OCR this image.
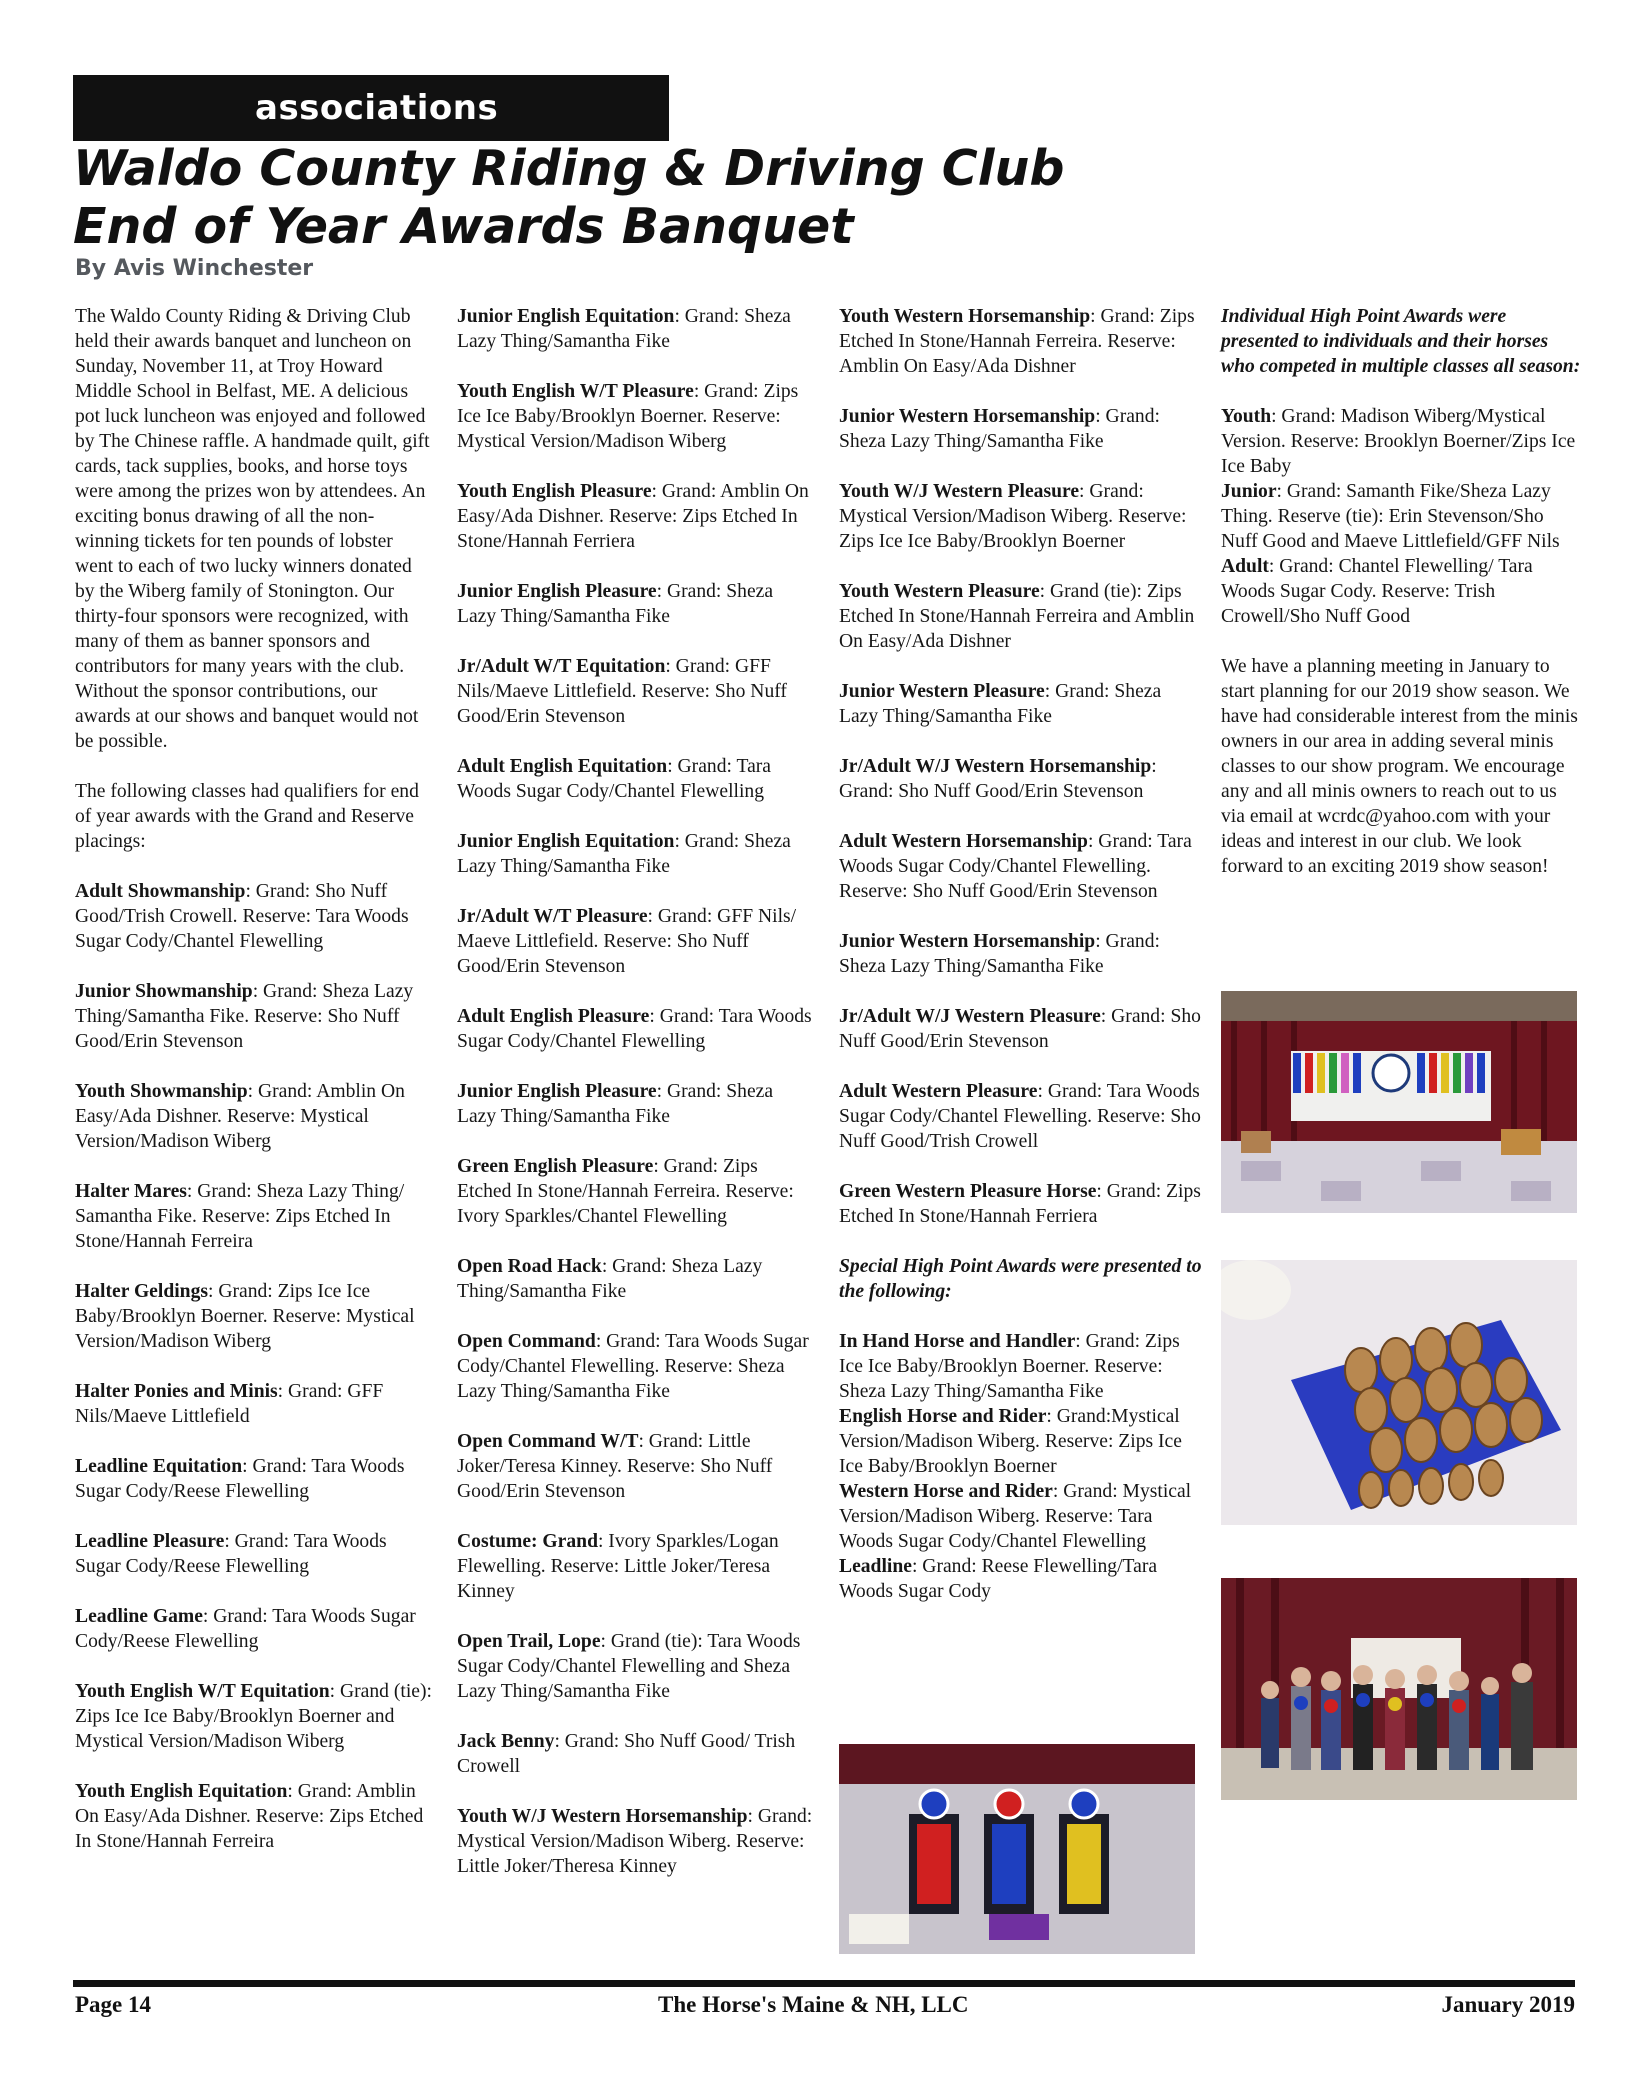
associations
Waldo County Riding & Driving Club
End of Year Awards Banquet
By Avis Winchester

The Waldo County Riding & Driving Club held their awards banquet and luncheon on Sunday, November 11, at Troy Howard Middle School in Belfast, ME. A delicious pot luck luncheon was enjoyed and followed by The Chinese raffle. A handmade quilt, gift cards, tack supplies, books, and horse toys were among the prizes won by attendees. An exciting bonus drawing of all the non-winning tickets for ten pounds of lobster went to each of two lucky winners donated by the Wiberg family of Stonington. Our thirty-four sponsors were recognized, with many of them as banner sponsors and contributors for many years with the club. Without the sponsor contributions, our awards at our shows and banquet would not be possible.

The following classes had qualifiers for end of year awards with the Grand and Reserve placings:

Adult Showmanship: Grand: Sho Nuff Good/Trish Crowell. Reserve: Tara Woods Sugar Cody/Chantel Flewelling

Junior Showmanship: Grand: Sheza Lazy Thing/Samantha Fike. Reserve: Sho Nuff Good/Erin Stevenson

Youth Showmanship: Grand: Amblin On Easy/Ada Dishner. Reserve: Mystical Version/Madison Wiberg

Halter Mares: Grand: Sheza Lazy Thing/ Samantha Fike. Reserve: Zips Etched In Stone/Hannah Ferreira

Halter Geldings: Grand: Zips Ice Ice Baby/Brooklyn Boerner. Reserve: Mystical Version/Madison Wiberg

Halter Ponies and Minis: Grand: GFF Nils/Maeve Littlefield

Leadline Equitation: Grand: Tara Woods Sugar Cody/Reese Flewelling

Leadline Pleasure: Grand: Tara Woods Sugar Cody/Reese Flewelling

Leadline Game: Grand: Tara Woods Sugar Cody/Reese Flewelling

Youth English W/T Equitation: Grand (tie): Zips Ice Ice Baby/Brooklyn Boerner and Mystical Version/Madison Wiberg

Youth English Equitation: Grand: Amblin On Easy/Ada Dishner. Reserve: Zips Etched In Stone/Hannah Ferreira

Junior English Equitation: Grand: Sheza Lazy Thing/Samantha Fike

Youth English W/T Pleasure: Grand: Zips Ice Ice Baby/Brooklyn Boerner. Reserve: Mystical Version/Madison Wiberg

Youth English Pleasure: Grand: Amblin On Easy/Ada Dishner. Reserve: Zips Etched In Stone/Hannah Ferriera

Junior English Pleasure: Grand: Sheza Lazy Thing/Samantha Fike

Jr/Adult W/T Equitation: Grand: GFF Nils/Maeve Littlefield. Reserve: Sho Nuff Good/Erin Stevenson

Adult English Equitation: Grand: Tara Woods Sugar Cody/Chantel Flewelling

Junior English Equitation: Grand: Sheza Lazy Thing/Samantha Fike

Jr/Adult W/T Pleasure: Grand: GFF Nils/ Maeve Littlefield. Reserve: Sho Nuff Good/Erin Stevenson

Adult English Pleasure: Grand: Tara Woods Sugar Cody/Chantel Flewelling

Junior English Pleasure: Grand: Sheza Lazy Thing/Samantha Fike

Green English Pleasure: Grand: Zips Etched In Stone/Hannah Ferreira. Reserve: Ivory Sparkles/Chantel Flewelling

Open Road Hack: Grand: Sheza Lazy Thing/Samantha Fike

Open Command: Grand: Tara Woods Sugar Cody/Chantel Flewelling. Reserve: Sheza Lazy Thing/Samantha Fike

Open Command W/T: Grand: Little Joker/Teresa Kinney. Reserve: Sho Nuff Good/Erin Stevenson

Costume: Grand: Ivory Sparkles/Logan Flewelling. Reserve: Little Joker/Teresa Kinney

Open Trail, Lope: Grand (tie): Tara Woods Sugar Cody/Chantel Flewelling and Sheza Lazy Thing/Samantha Fike

Jack Benny: Grand: Sho Nuff Good/ Trish Crowell

Youth W/J Western Horsemanship: Grand: Mystical Version/Madison Wiberg. Reserve: Little Joker/Theresa Kinney

Youth Western Horsemanship: Grand: Zips Etched In Stone/Hannah Ferreira. Reserve: Amblin On Easy/Ada Dishner

Junior Western Horsemanship: Grand: Sheza Lazy Thing/Samantha Fike

Youth W/J Western Pleasure: Grand: Mystical Version/Madison Wiberg. Reserve: Zips Ice Ice Baby/Brooklyn Boerner

Youth Western Pleasure: Grand (tie): Zips Etched In Stone/Hannah Ferreira and Amblin On Easy/Ada Dishner

Junior Western Pleasure: Grand: Sheza Lazy Thing/Samantha Fike

Jr/Adult W/J Western Horsemanship: Grand: Sho Nuff Good/Erin Stevenson

Adult Western Horsemanship: Grand: Tara Woods Sugar Cody/Chantel Flewelling. Reserve: Sho Nuff Good/Erin Stevenson

Junior Western Horsemanship: Grand: Sheza Lazy Thing/Samantha Fike

Jr/Adult W/J Western Pleasure: Grand: Sho Nuff Good/Erin Stevenson

Adult Western Pleasure: Grand: Tara Woods Sugar Cody/Chantel Flewelling. Reserve: Sho Nuff Good/Trish Crowell

Green Western Pleasure Horse: Grand: Zips Etched In Stone/Hannah Ferriera

Special High Point Awards were presented to the following:

In Hand Horse and Handler: Grand: Zips Ice Ice Baby/Brooklyn Boerner. Reserve: Sheza Lazy Thing/Samantha Fike

English Horse and Rider: Grand:Mystical Version/Madison Wiberg. Reserve: Zips Ice Ice Baby/Brooklyn Boerner

Western Horse and Rider: Grand: Mystical Version/Madison Wiberg. Reserve: Tara Woods Sugar Cody/Chantel Flewelling

Leadline: Grand: Reese Flewelling/Tara Woods Sugar Cody

Individual High Point Awards were presented to individuals and their horses who competed in multiple classes all season:

Youth: Grand: Madison Wiberg/Mystical Version. Reserve: Brooklyn Boerner/Zips Ice Ice Baby

Junior: Grand: Samanth Fike/Sheza Lazy Thing. Reserve (tie): Erin Stevenson/Sho Nuff Good and Maeve Littlefield/GFF Nils

Adult: Grand: Chantel Flewelling/ Tara Woods Sugar Cody. Reserve: Trish Crowell/Sho Nuff Good

We have a planning meeting in January to start planning for our 2019 show season. We have had considerable interest from the minis owners in our area in adding several minis classes to our show program. We encourage any and all minis owners to reach out to us via email at wcrdc@yahoo.com with your ideas and interest in our club. We look forward to an exciting 2019 show season!

Page 14	The Horse's Maine & NH, LLC	January 2019
